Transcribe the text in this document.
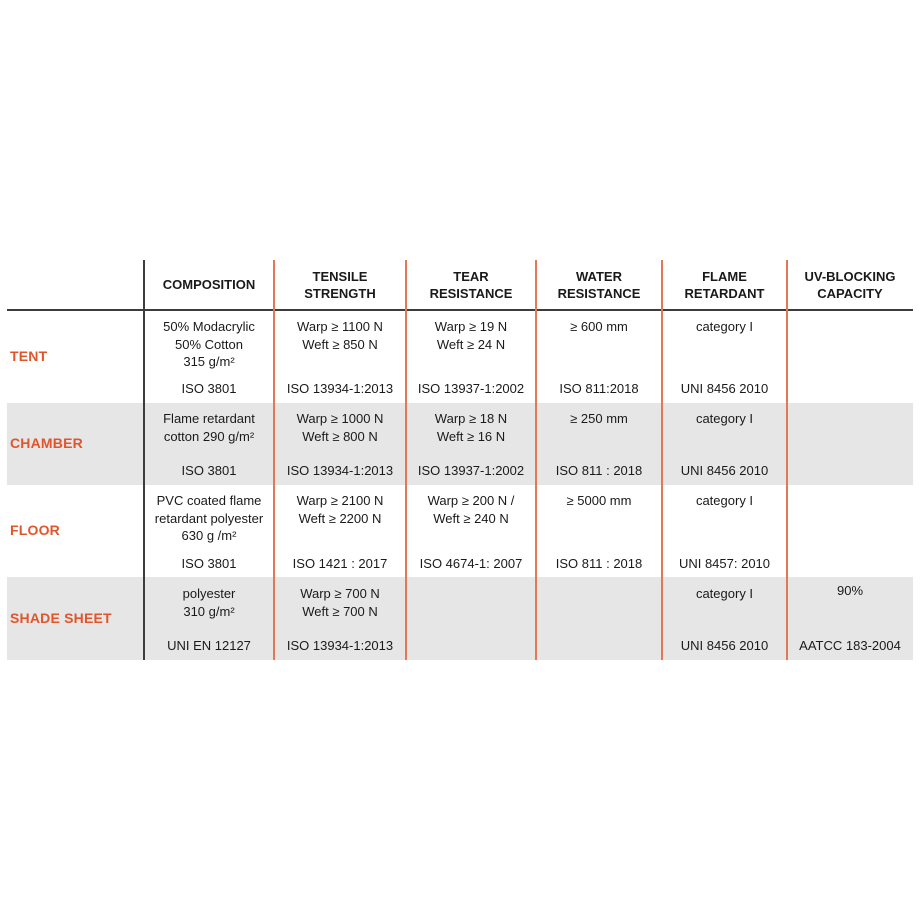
COMPOSITION
TENSILE
STRENGTH
TEAR
RESISTANCE
WATER
RESISTANCE
FLAME
RETARDANT
UV-BLOCKING
CAPACITY
TENT
50% Modacrylic
50% Cotton
315 g/m²
ISO 3801
Warp ≥ 1100 N
Weft ≥ 850 N
ISO 13934-1:2013
Warp ≥ 19 N
Weft ≥ 24 N
ISO 13937-1:2002
≥ 600 mm
ISO 811:2018
category I
UNI 8456 2010
CHAMBER
Flame retardant
cotton 290 g/m²
ISO 3801
Warp ≥ 1000 N
Weft ≥ 800 N
ISO 13934-1:2013
Warp ≥ 18 N
Weft ≥ 16 N
ISO 13937-1:2002
≥ 250 mm
ISO 811 : 2018
category I
UNI 8456 2010
FLOOR
PVC coated flame
retardant polyester
630 g /m²
ISO 3801
Warp ≥ 2100 N
Weft ≥ 2200 N
ISO 1421 : 2017
Warp ≥ 200 N /
Weft ≥ 240 N
ISO 4674-1: 2007
≥ 5000 mm
ISO 811 : 2018
category I
UNI 8457: 2010
SHADE SHEET
polyester
310 g/m²
UNI EN 12127
Warp ≥ 700 N
Weft ≥ 700 N
ISO 13934-1:2013
category I
UNI 8456 2010
90%
AATCC 183-2004
